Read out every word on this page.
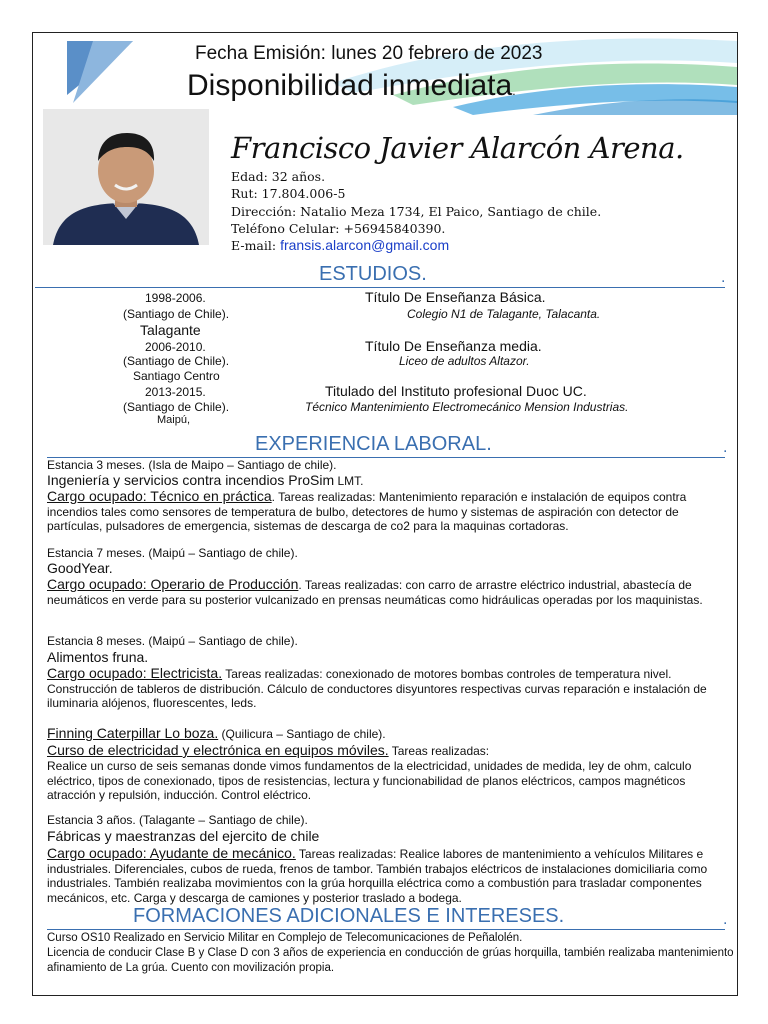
Fecha Emisión: lunes 20 febrero de 2023
Disponibilidad inmediata.
Francisco Javier Alarcón Arena.
Edad: 32 años.
Rut: 17.804.006-5
Dirección: Natalio Meza 1734, El Paico, Santiago de chile.
Teléfono Celular: +56945840390.
E-mail: fransis.alarcon@gmail.com
ESTUDIOS.	.
1998-2006.	Título De Enseñanza Básica.
(Santiago de Chile).	Colegio N1 de Talagante, Talacanta.
Talagante
2006-2010.	Título De Enseñanza media.
(Santiago de Chile).	Liceo de adultos Altazor.
Santiago Centro
2013-2015.	Titulado del Instituto profesional Duoc UC.
(Santiago de Chile).	Técnico Mantenimiento Electromecánico Mension Industrias.
Maipú,
EXPERIENCIA LABORAL.	.
Estancia 3 meses. (Isla de Maipo – Santiago de chile).
Ingeniería y servicios contra incendios ProSim LMT.
Cargo ocupado: Técnico en práctica. Tareas realizadas: Mantenimiento reparación e instalación de equipos contra incendios tales como sensores de temperatura de bulbo, detectores de humo y sistemas de aspiración con detector de partículas, pulsadores de emergencia, sistemas de descarga de co2 para la maquinas cortadoras.
Estancia 7 meses. (Maipú – Santiago de chile).
GoodYear.
Cargo ocupado: Operario de Producción. Tareas realizadas: con carro de arrastre eléctrico industrial, abastecía de neumáticos en verde para su posterior vulcanizado en prensas neumáticas como hidráulicas operadas por los maquinistas.
Estancia 8 meses. (Maipú – Santiago de chile).
Alimentos fruna.
Cargo ocupado: Electricista. Tareas realizadas: conexionado de motores bombas controles de temperatura nivel. Construcción de tableros de distribución. Cálculo de conductores disyuntores respectivas curvas reparación e instalación de iluminaria alójenos, fluorescentes, leds.
Finning Caterpillar Lo boza. (Quilicura – Santiago de chile).
Curso de electricidad y electrónica en equipos móviles. Tareas realizadas:
Realice un curso de seis semanas donde vimos fundamentos de la electricidad, unidades de medida, ley de ohm, calculo eléctrico, tipos de conexionado, tipos de resistencias, lectura y funcionabilidad de planos eléctricos, campos magnéticos atracción y repulsión, inducción. Control eléctrico.
Estancia 3 años. (Talagante – Santiago de chile).
Fábricas y maestranzas del ejercito de chile
Cargo ocupado: Ayudante de mecánico. Tareas realizadas: Realice labores de mantenimiento a vehículos Militares e industriales. Diferenciales, cubos de rueda, frenos de tambor. También trabajos eléctricos de instalaciones domiciliaria como industriales. También realizaba movimientos con la grúa horquilla eléctrica como a combustión para trasladar componentes mecánicos, etc. Carga y descarga de camiones y posterior traslado a bodega.
FORMACIONES ADICIONALES E INTERESES.	.
Curso OS10 Realizado en Servicio Militar en Complejo de Telecomunicaciones de Peñalolén.
Licencia de conducir Clase B y Clase D con 3 años de experiencia en conducción de grúas horquilla, también realizaba mantenimiento afinamiento de La grúa. Cuento con movilización propia.
